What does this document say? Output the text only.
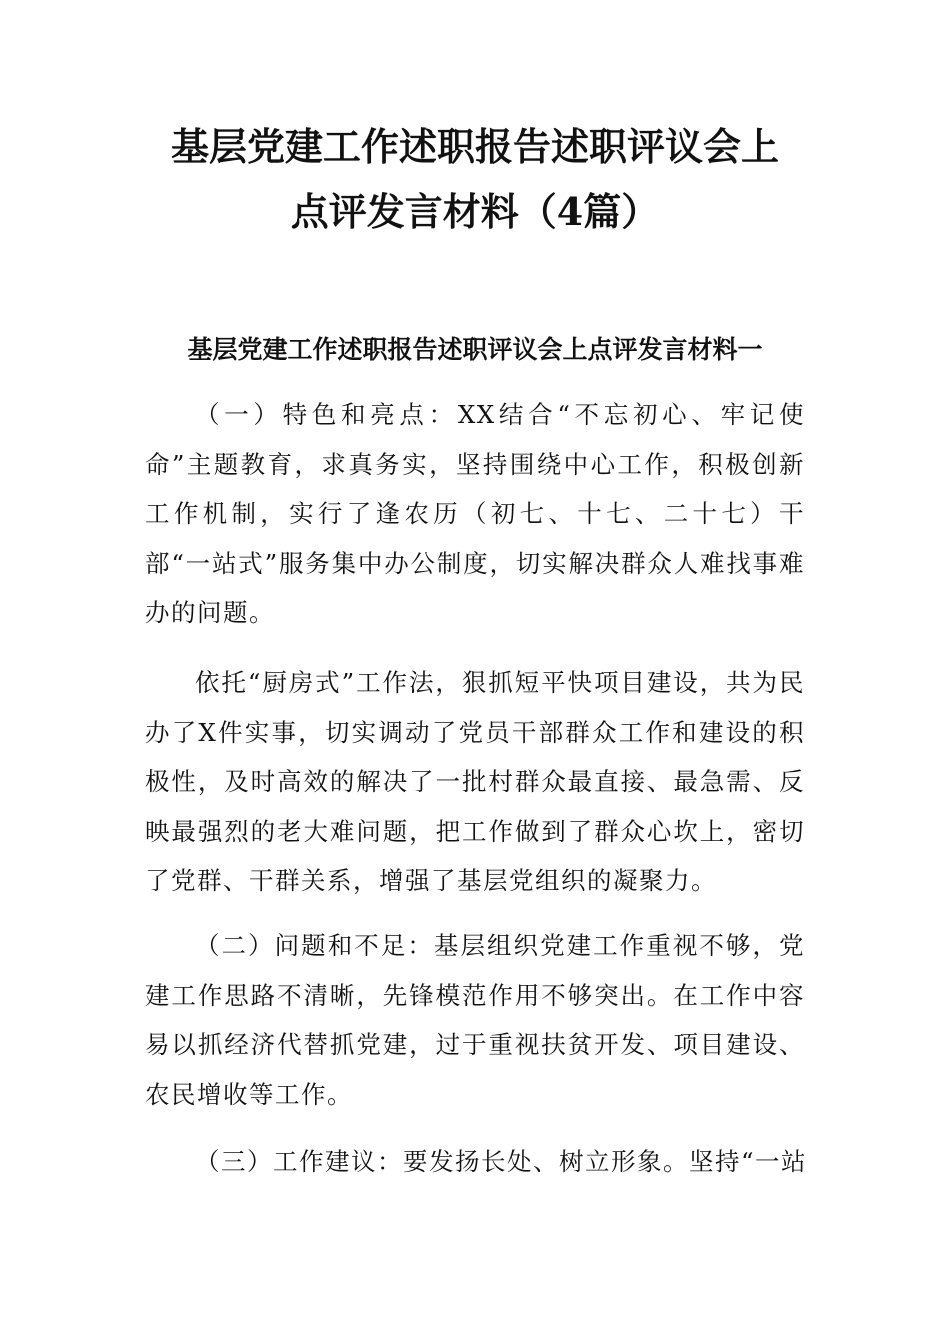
基层党建工作述职报告述职评议会上
点评发言材料（4篇）
基层党建工作述职报告述职评议会上点评发言材料一

（一）特色和亮点：XX结合“不忘初心、牢记使命”主题教育，求真务实，坚持围绕中心工作，积极创新工作机制，实行了逢农历（初七、十七、二十七）干部“一站式”服务集中办公制度，切实解决群众人难找事难办的问题。

依托“厨房式”工作法，狠抓短平快项目建设，共为民办了X件实事，切实调动了党员干部群众工作和建设的积极性，及时高效的解决了一批村群众最直接、最急需、反映最强烈的老大难问题，把工作做到了群众心坎上，密切了党群、干群关系，增强了基层党组织的凝聚力。

（二）问题和不足：基层组织党建工作重视不够，党建工作思路不清晰，先锋模范作用不够突出。在工作中容易以抓经济代替抓党建，过于重视扶贫开发、项目建设、农民增收等工作。

（三）工作建议：要发扬长处、树立形象。坚持“一站
